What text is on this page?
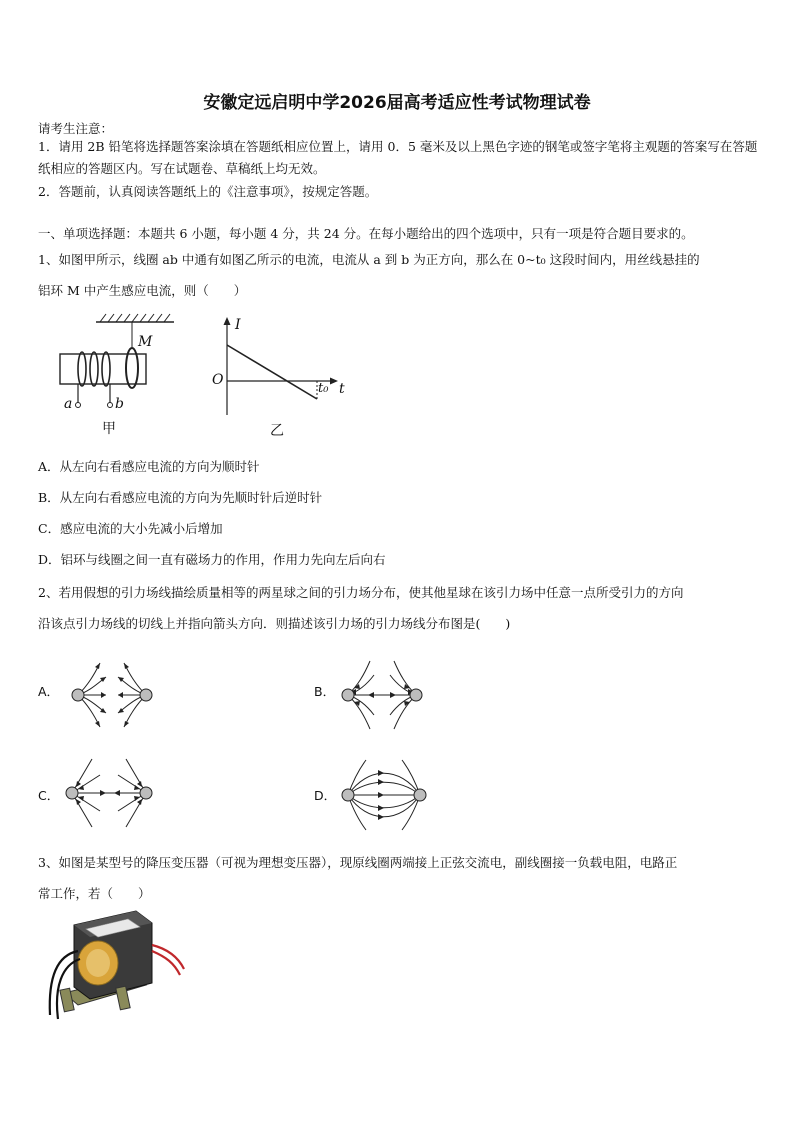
安徽定远启明中学2026届高考适应性考试物理试卷
请考生注意：
1．请用 2B 铅笔将选择题答案涂填在答题纸相应位置上，请用 0．5 毫米及以上黑色字迹的钢笔或签字笔将主观题的答案写在答题纸相应的答题区内。写在试题卷、草稿纸上均无效。
2．答题前，认真阅读答题纸上的《注意事项》，按规定答题。
一、单项选择题：本题共 6 小题，每小题 4 分，共 24 分。在每小题给出的四个选项中，只有一项是符合题目要求的。
1、如图甲所示，线圈 ab 中通有如图乙所示的电流，电流从 a 到 b 为正方向，那么在 0~t₀ 这段时间内，用丝线悬挂的
铝环 M 中产生感应电流，则（　　）
M
a	b
甲
I
O
t₀ t
乙
A．从左向右看感应电流的方向为顺时针
B．从左向右看感应电流的方向为先顺时针后逆时针
C．感应电流的大小先减小后增加
D．铝环与线圈之间一直有磁场力的作用，作用力先向左后向右
2、若用假想的引力场线描绘质量相等的两星球之间的引力场分布，使其他星球在该引力场中任意一点所受引力的方向
沿该点引力场线的切线上并指向箭头方向．则描述该引力场的引力场线分布图是(　　)
A．	B．
C．	D．
3、如图是某型号的降压变压器（可视为理想变压器），现原线圈两端接上正弦交流电，副线圈接一负载电阻，电路正
常工作，若（　　）
